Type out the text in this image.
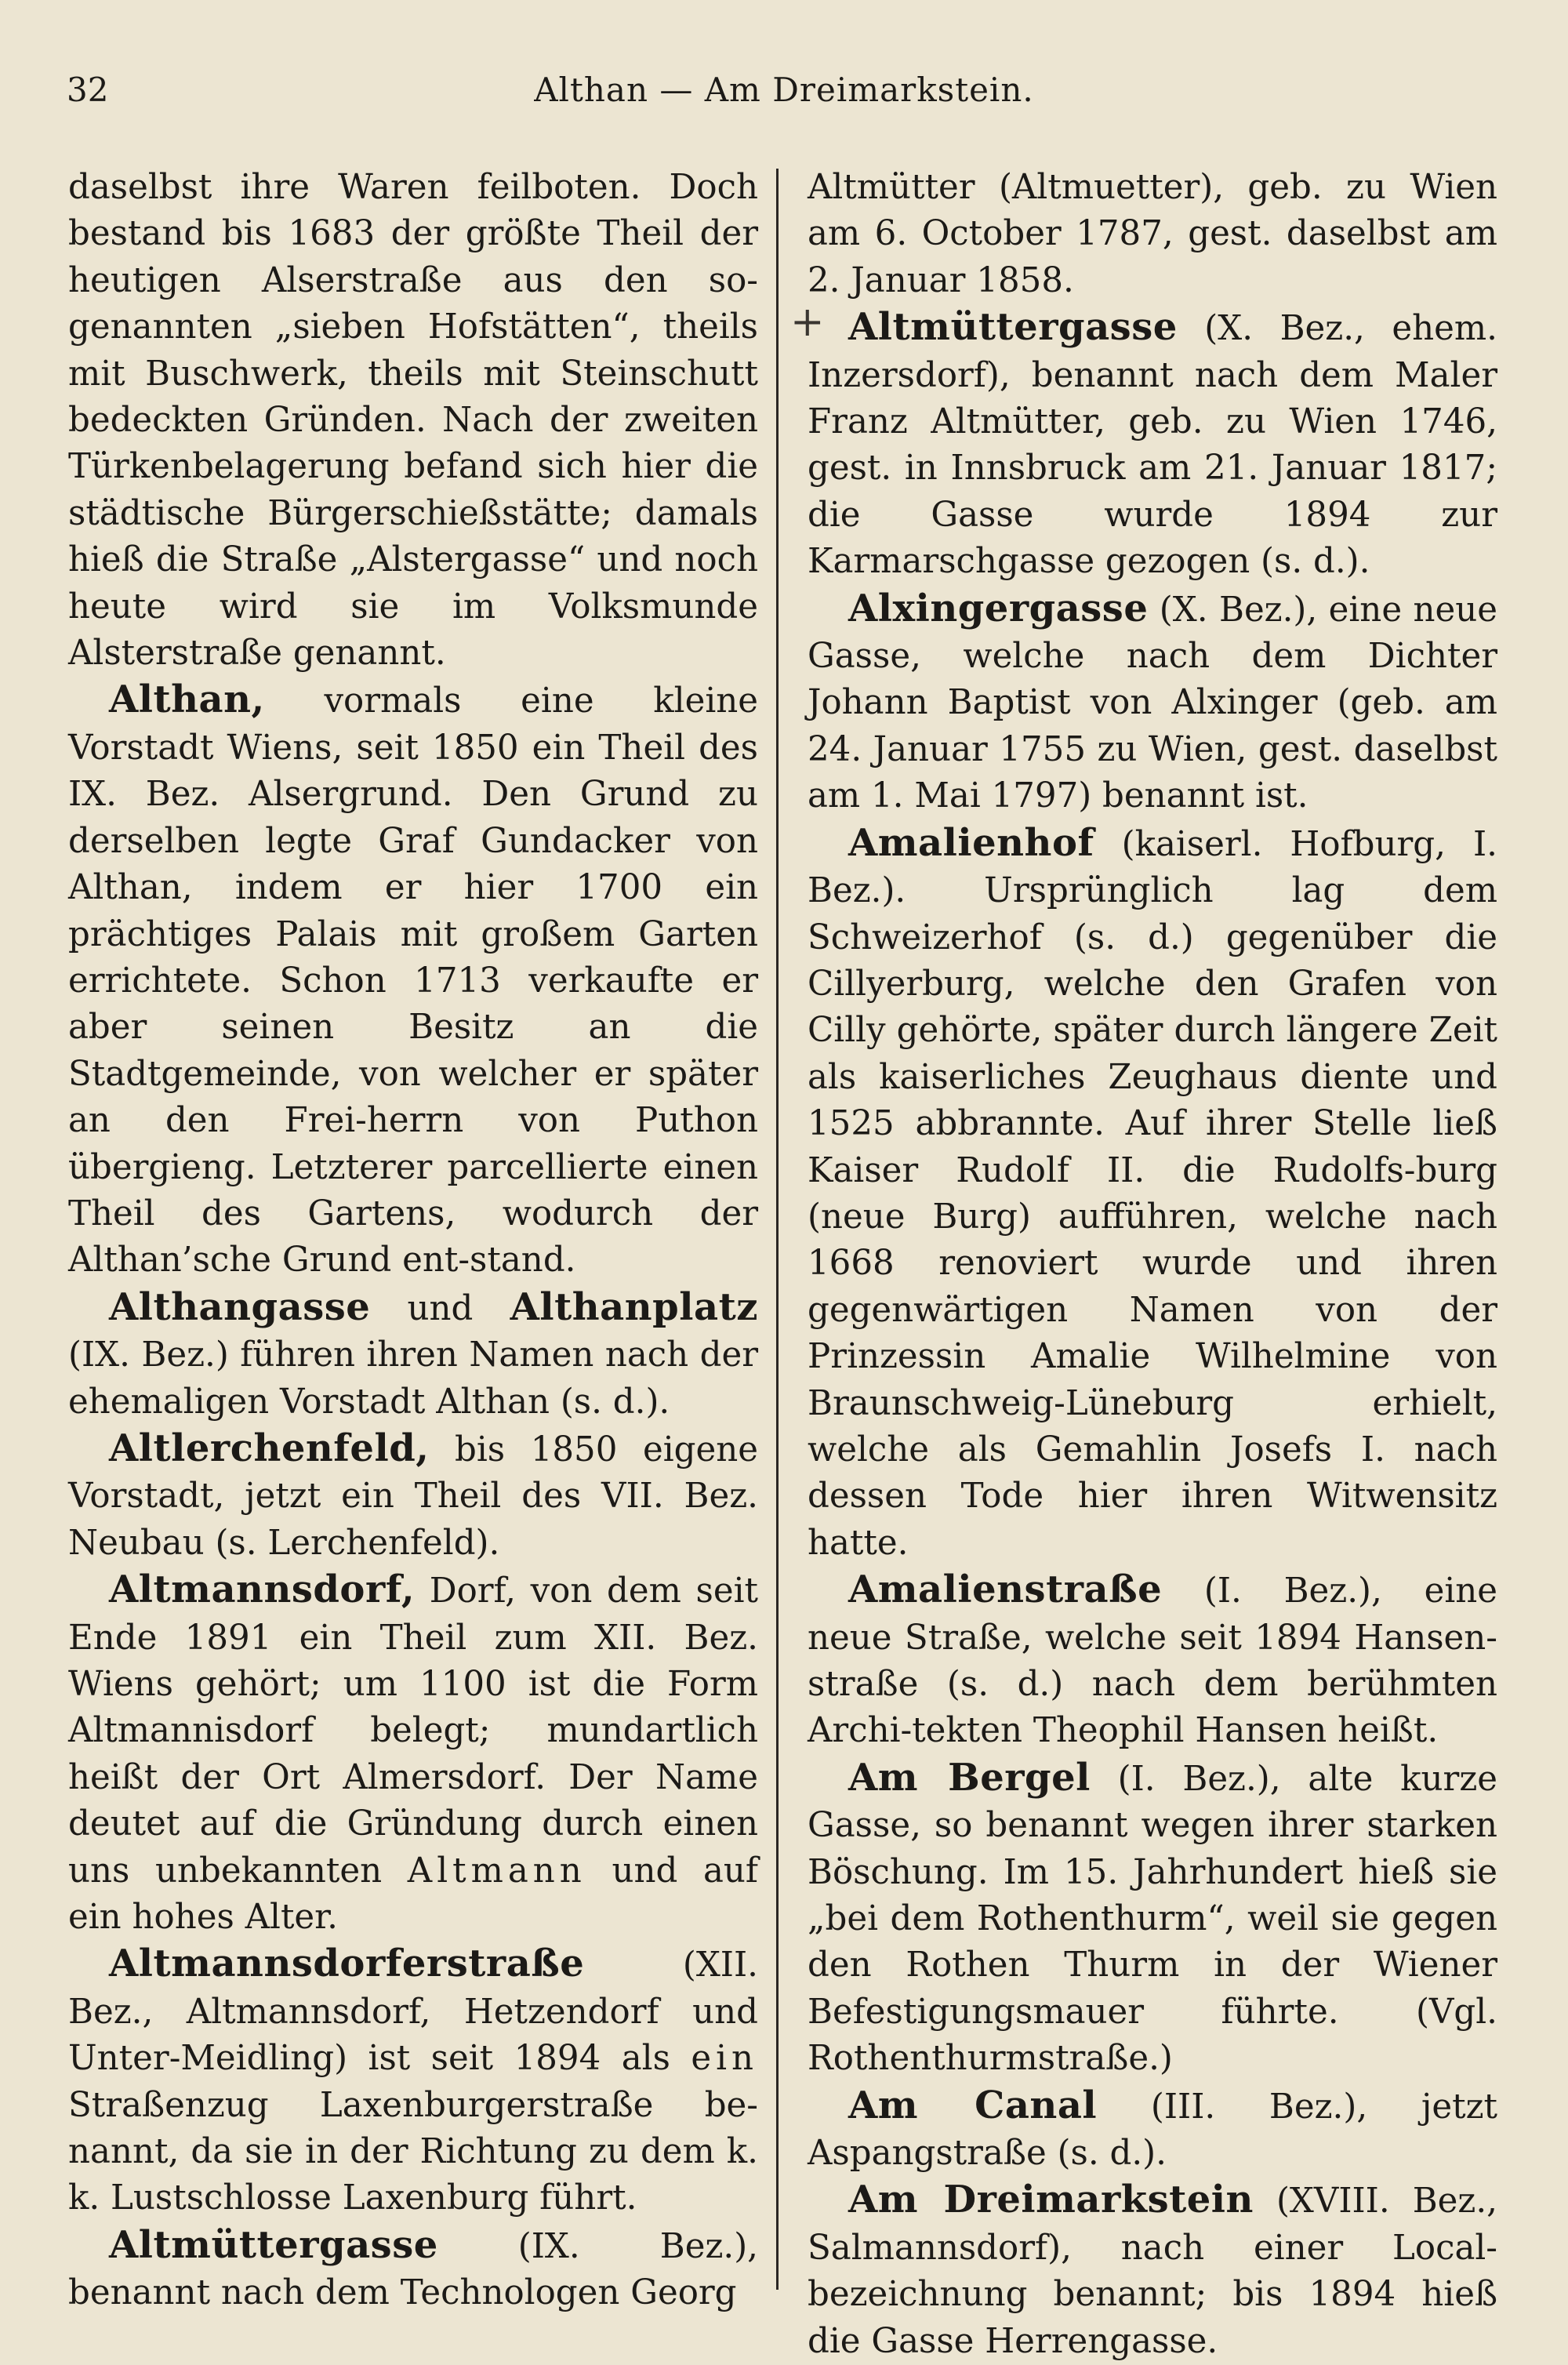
32	Althan — Am Dreimarkstein.

daselbst ihre Waren feilboten. Doch bestand bis 1683 der größte Theil der heutigen Alserstraße aus den so-genannten „sieben Hofstätten“, theils mit Buschwerk, theils mit Steinschutt bedeckten Gründen. Nach der zweiten Türkenbelagerung befand sich hier die städtische Bürgerschießstätte; damals hieß die Straße „Alstergasse“ und noch heute wird sie im Volksmunde Alsterstraße genannt.

Althan, vormals eine kleine Vorstadt Wiens, seit 1850 ein Theil des IX. Bez. Alsergrund. Den Grund zu derselben legte Graf Gundacker von Althan, indem er hier 1700 ein prächtiges Palais mit großem Garten errichtete. Schon 1713 verkaufte er aber seinen Besitz an die Stadtgemeinde, von welcher er später an den Frei-herrn von Puthon übergieng. Letzterer parcellierte einen Theil des Gartens, wodurch der Althan’sche Grund ent-stand.

Althangasse und Althanplatz (IX. Bez.) führen ihren Namen nach der ehemaligen Vorstadt Althan (s. d.).

Altlerchenfeld, bis 1850 eigene Vorstadt, jetzt ein Theil des VII. Bez. Neubau (s. Lerchenfeld).

Altmannsdorf, Dorf, von dem seit Ende 1891 ein Theil zum XII. Bez. Wiens gehört; um 1100 ist die Form Altmannisdorf belegt; mundartlich heißt der Ort Almersdorf. Der Name deutet auf die Gründung durch einen uns unbekannten Altmann und auf ein hohes Alter.

Altmannsdorferstraße (XII. Bez., Altmannsdorf, Hetzendorf und Unter-Meidling) ist seit 1894 als ein Straßenzug Laxenburgerstraße be-nannt, da sie in der Richtung zu dem k. k. Lustschlosse Laxenburg führt.

Altmüttergasse (IX. Bez.), benannt nach dem Technologen Georg

+

Altmütter (Altmuetter), geb. zu Wien am 6. October 1787, gest. daselbst am 2. Januar 1858.

Altmüttergasse (X. Bez., ehem. Inzersdorf), benannt nach dem Maler Franz Altmütter, geb. zu Wien 1746, gest. in Innsbruck am 21. Januar 1817; die Gasse wurde 1894 zur Karmarschgasse gezogen (s. d.).

Alxingergasse (X. Bez.), eine neue Gasse, welche nach dem Dichter Johann Baptist von Alxinger (geb. am 24. Januar 1755 zu Wien, gest. daselbst am 1. Mai 1797) benannt ist.

Amalienhof (kaiserl. Hofburg, I. Bez.). Ursprünglich lag dem Schweizerhof (s. d.) gegenüber die Cillyerburg, welche den Grafen von Cilly gehörte, später durch längere Zeit als kaiserliches Zeughaus diente und 1525 abbrannte. Auf ihrer Stelle ließ Kaiser Rudolf II. die Rudolfs-burg (neue Burg) aufführen, welche nach 1668 renoviert wurde und ihren gegenwärtigen Namen von der Prinzessin Amalie Wilhelmine von Braunschweig-Lüneburg erhielt, welche als Gemahlin Josefs I. nach dessen Tode hier ihren Witwensitz hatte.

Amalienstraße (I. Bez.), eine neue Straße, welche seit 1894 Hansen-straße (s. d.) nach dem berühmten Archi-tekten Theophil Hansen heißt.

Am Bergel (I. Bez.), alte kurze Gasse, so benannt wegen ihrer starken Böschung. Im 15. Jahrhundert hieß sie „bei dem Rothenthurm“, weil sie gegen den Rothen Thurm in der Wiener Befestigungsmauer führte. (Vgl. Rothenthurmstraße.)

Am Canal (III. Bez.), jetzt Aspangstraße (s. d.).

Am Dreimarkstein (XVIII. Bez., Salmannsdorf), nach einer Local-bezeichnung benannt; bis 1894 hieß die Gasse Herrengasse.
